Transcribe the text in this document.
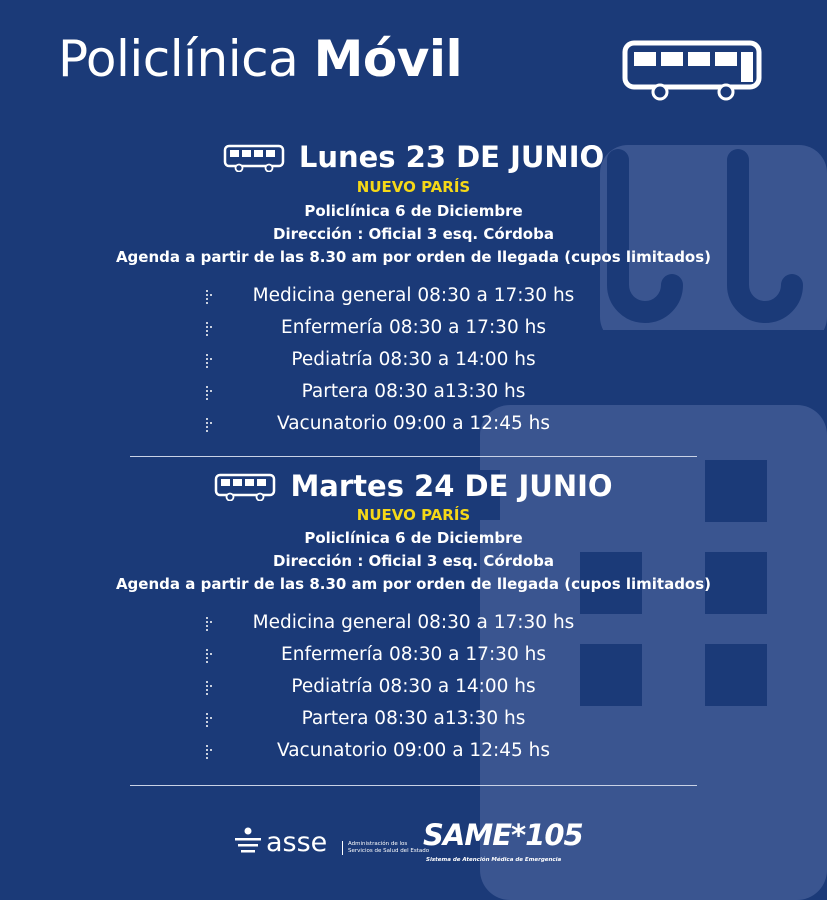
Policlínica Móvil
Lunes 23 DE JUNIO
NUEVO PARÍS
Policlínica 6 de Diciembre
Dirección : Oficial 3 esq. Córdoba
Agenda a partir de las 8.30 am por orden de llegada (cupos limitados)
Medicina general 08:30 a 17:30 hs
Enfermería 08:30 a 17:30 hs
Pediatría 08:30 a 14:00 hs
Partera 08:30 a13:30 hs
Vacunatorio 09:00 a 12:45 hs
Martes 24 DE JUNIO
NUEVO PARÍS
Policlínica 6 de Diciembre
Dirección : Oficial 3 esq. Córdoba
Agenda a partir de las 8.30 am por orden de llegada (cupos limitados)
Medicina general 08:30 a 17:30 hs
Enfermería 08:30 a 17:30 hs
Pediatría 08:30 a 14:00 hs
Partera 08:30 a13:30 hs
Vacunatorio 09:00 a 12:45 hs
asse	Administración de los
Servicios de Salud del Estado
SAME*105
Sistema de Atención Médica de Emergencia
